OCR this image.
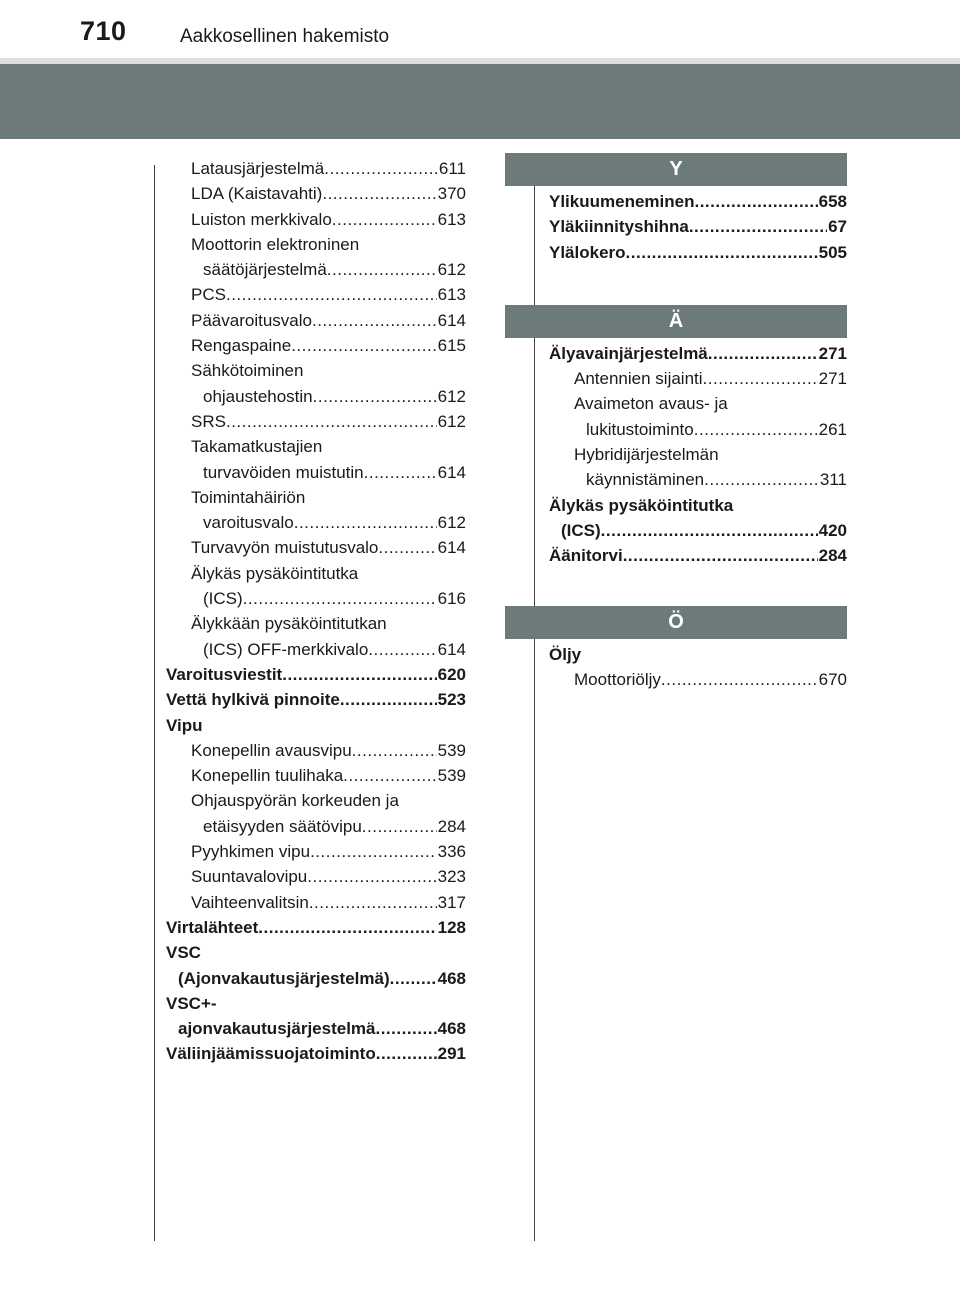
710	Aakkosellinen hakemisto
Latausjärjestelmä .....	611
LDA (Kaistavahti) .....	370
Luiston merkkivalo .....	613
Moottorin elektroninen
säätöjärjestelmä .....	612
PCS .....	613
Päävaroitusvalo .....	614
Rengaspaine .....	615
Sähkötoiminen
ohjaustehostin .....	612
SRS .....	612
Takamatkustajien
turvavöiden muistutin .....	614
Toimintahäiriön
varoitusvalo .....	612
Turvavyön muistutusvalo .....	614
Älykäs pysäköintitutka
(ICS) .....	616
Älykkään pysäköintitutkan
(ICS) OFF-merkkivalo .....	614
Varoitusviestit .....	620
Vettä hylkivä pinnoite .....	523
Vipu
Konepellin avausvipu .....	539
Konepellin tuulihaka .....	539
Ohjauspyörän korkeuden ja
etäisyyden säätövipu .....	284
Pyyhkimen vipu .....	336
Suuntavalovipu .....	323
Vaihteenvalitsin .....	317
Virtalähteet .....	128
VSC
(Ajonvakautusjärjestelmä) .....	468
VSC+-
ajonvakautusjärjestelmä .....	468
Väliinjäämissuojatoiminto .....	291
Y
Ylikuumeneminen .....	658
Yläkiinnityshihna .....	67
Ylälokero .....	505
Ä
Älyavainjärjestelmä .....	271
Antennien sijainti .....	271
Avaimeton avaus- ja
lukitustoiminto .....	261
Hybridijärjestelmän
käynnistäminen .....	311
Älykäs pysäköintitutka
(ICS) .....	420
Äänitorvi .....	284
Ö
Öljy
Moottoriöljy .....	670
